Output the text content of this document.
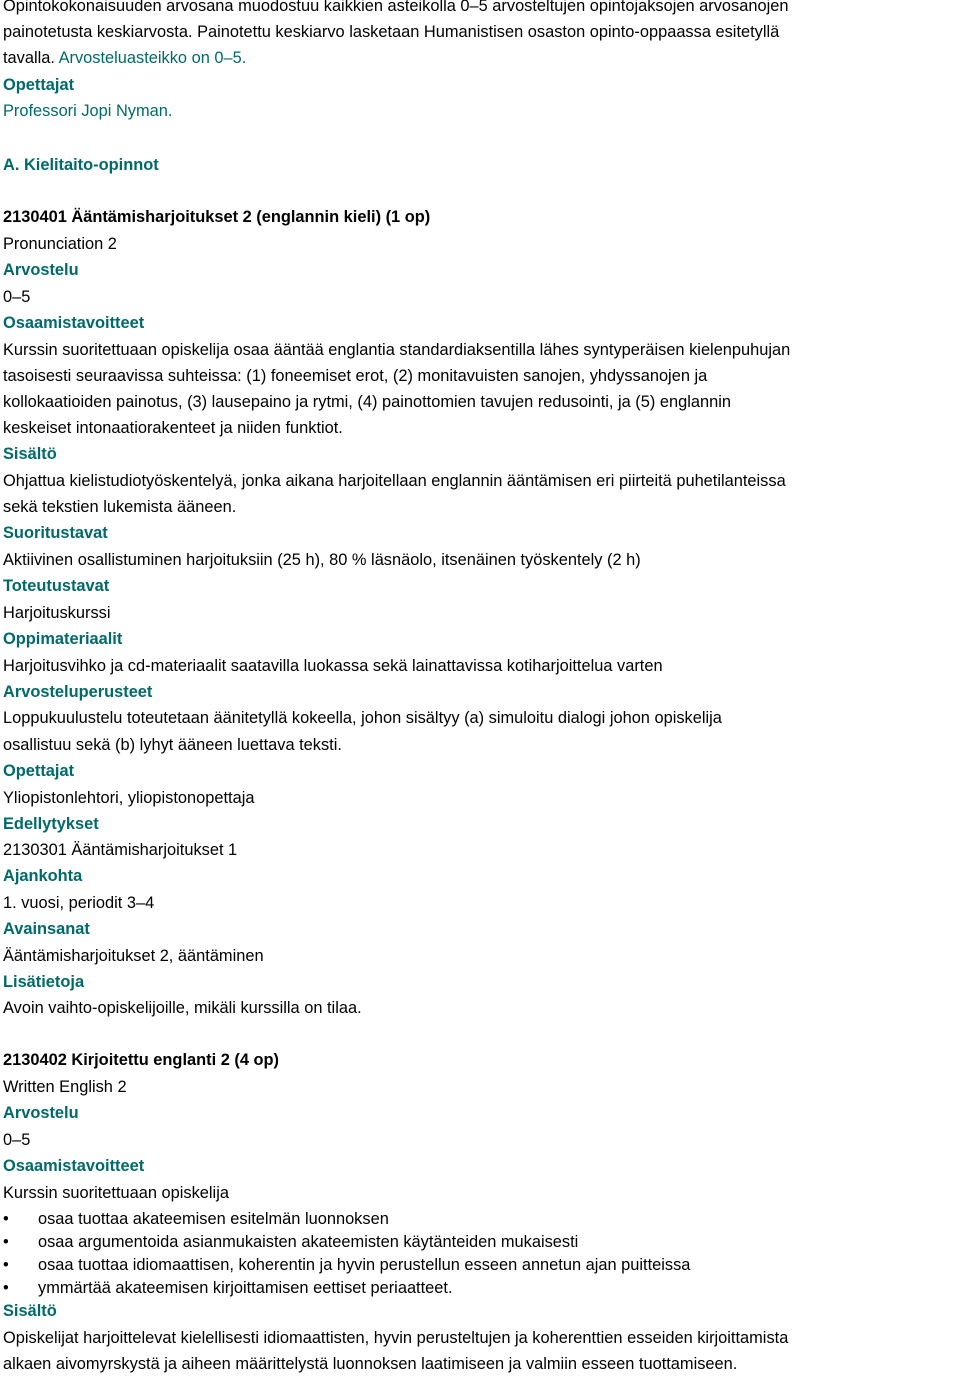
Opintokokonaisuuden arvosana muodostuu kaikkien asteikolla 0–5 arvosteltujen opintojaksojen arvosanojen
painotetusta keskiarvosta. Painotettu keskiarvo lasketaan Humanistisen osaston opinto-oppaassa esitetyllä
tavalla. Arvosteluasteikko on 0–5.
Opettajat
Professori Jopi Nyman.
A. Kielitaito-opinnot
2130401 Ääntämisharjoitukset 2 (englannin kieli) (1 op)
Pronunciation 2
Arvostelu
0–5
Osaamistavoitteet
Kurssin suoritettuaan opiskelija osaa ääntää englantia standardiaksentilla lähes syntyperäisen kielenpuhujan
tasoisesti seuraavissa suhteissa: (1) foneemiset erot, (2) monitavuisten sanojen, yhdyssanojen ja
kollokaatioiden painotus, (3) lausepaino ja rytmi, (4) painottomien tavujen redusointi, ja (5) englannin
keskeiset intonaatiorakenteet ja niiden funktiot.
Sisältö
Ohjattua kielistudiotyöskentelyä, jonka aikana harjoitellaan englannin ääntämisen eri piirteitä puhetilanteissa
sekä tekstien lukemista ääneen.
Suoritustavat
Aktiivinen osallistuminen harjoituksiin (25 h), 80 % läsnäolo, itsenäinen työskentely (2 h)
Toteutustavat
Harjoituskurssi
Oppimateriaalit
Harjoitusvihko ja cd-materiaalit saatavilla luokassa sekä lainattavissa kotiharjoittelua varten
Arvosteluperusteet
Loppukuulustelu toteutetaan äänitetyllä kokeella, johon sisältyy (a) simuloitu dialogi johon opiskelija
osallistuu sekä (b) lyhyt ääneen luettava teksti.
Opettajat
Yliopistonlehtori, yliopistonopettaja
Edellytykset
2130301 Ääntämisharjoitukset 1
Ajankohta
1. vuosi, periodit 3–4
Avainsanat
Ääntämisharjoitukset 2, ääntäminen
Lisätietoja
Avoin vaihto-opiskelijoille, mikäli kurssilla on tilaa.
2130402 Kirjoitettu englanti 2 (4 op)
Written English 2
Arvostelu
0–5
Osaamistavoitteet
Kurssin suoritettuaan opiskelija
• osaa tuottaa akateemisen esitelmän luonnoksen
• osaa argumentoida asianmukaisten akateemisten käytänteiden mukaisesti
• osaa tuottaa idiomaattisen, koherentin ja hyvin perustellun esseen annetun ajan puitteissa
• ymmärtää akateemisen kirjoittamisen eettiset periaatteet.
Sisältö
Opiskelijat harjoittelevat kielellisesti idiomaattisten, hyvin perusteltujen ja koherenttien esseiden kirjoittamista
alkaen aivomyrskystä ja aiheen määrittelystä luonnoksen laatimiseen ja valmiin esseen tuottamiseen.
